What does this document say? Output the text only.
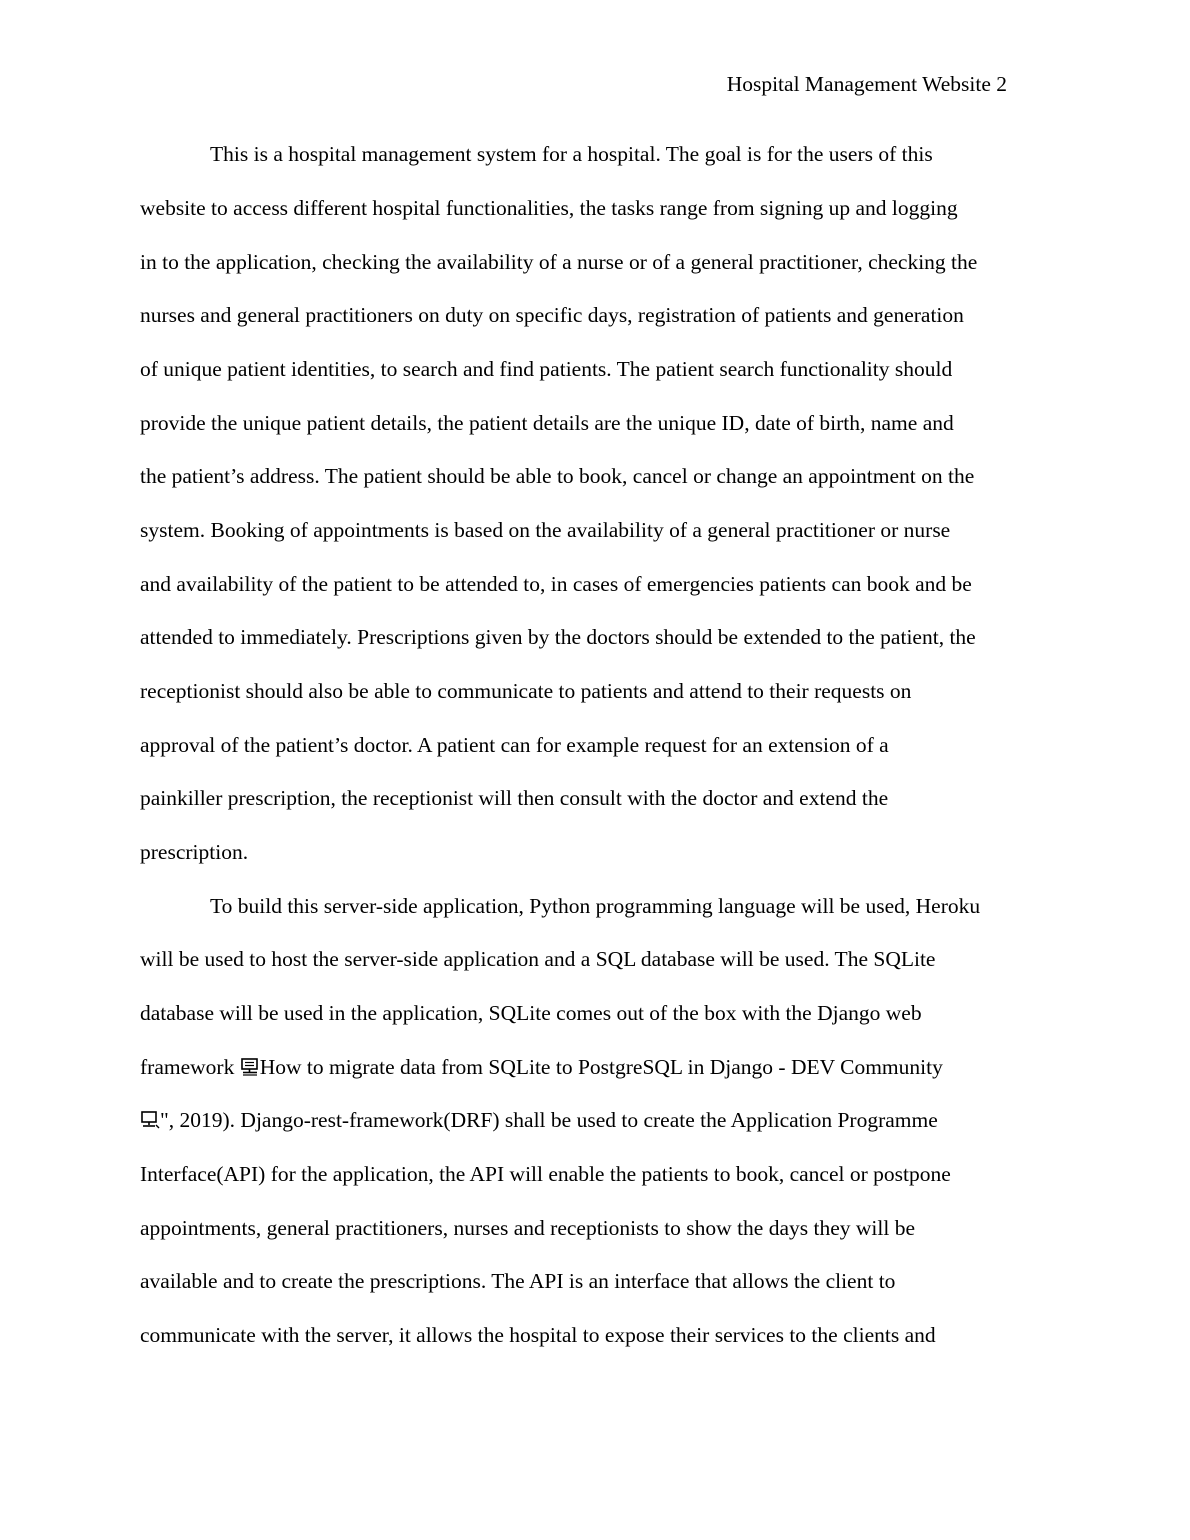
Hospital Management Website 2
This is a hospital management system for a hospital. The goal is for the users of this
website to access different hospital functionalities, the tasks range from signing up and logging
in to the application, checking the availability of a nurse or of a general practitioner, checking the
nurses and general practitioners on duty on specific days, registration of patients and generation
of unique patient identities, to search and find patients. The patient search functionality should
provide the unique patient details, the patient details are the unique ID, date of birth, name and
the patient’s address. The patient should be able to book, cancel or change an appointment on the
system. Booking of appointments is based on the availability of a general practitioner or nurse
and availability of the patient to be attended to, in cases of emergencies patients can book and be
attended to immediately. Prescriptions given by the doctors should be extended to the patient, the
receptionist should also be able to communicate to patients and attend to their requests on
approval of the patient’s doctor. A patient can for example request for an extension of a
painkiller prescription, the receptionist will then consult with the doctor and extend the
prescription.
To build this server-side application, Python programming language will be used, Heroku
will be used to host the server-side application and a SQL database will be used. The SQLite
database will be used in the application, SQLite comes out of the box with the Django web
framework How to migrate data from SQLite to PostgreSQL in Django - DEV Community
", 2019). Django-rest-framework(DRF) shall be used to create the Application Programme
Interface(API) for the application, the API will enable the patients to book, cancel or postpone
appointments, general practitioners, nurses and receptionists to show the days they will be
available and to create the prescriptions. The API is an interface that allows the client to
communicate with the server, it allows the hospital to expose their services to the clients and
